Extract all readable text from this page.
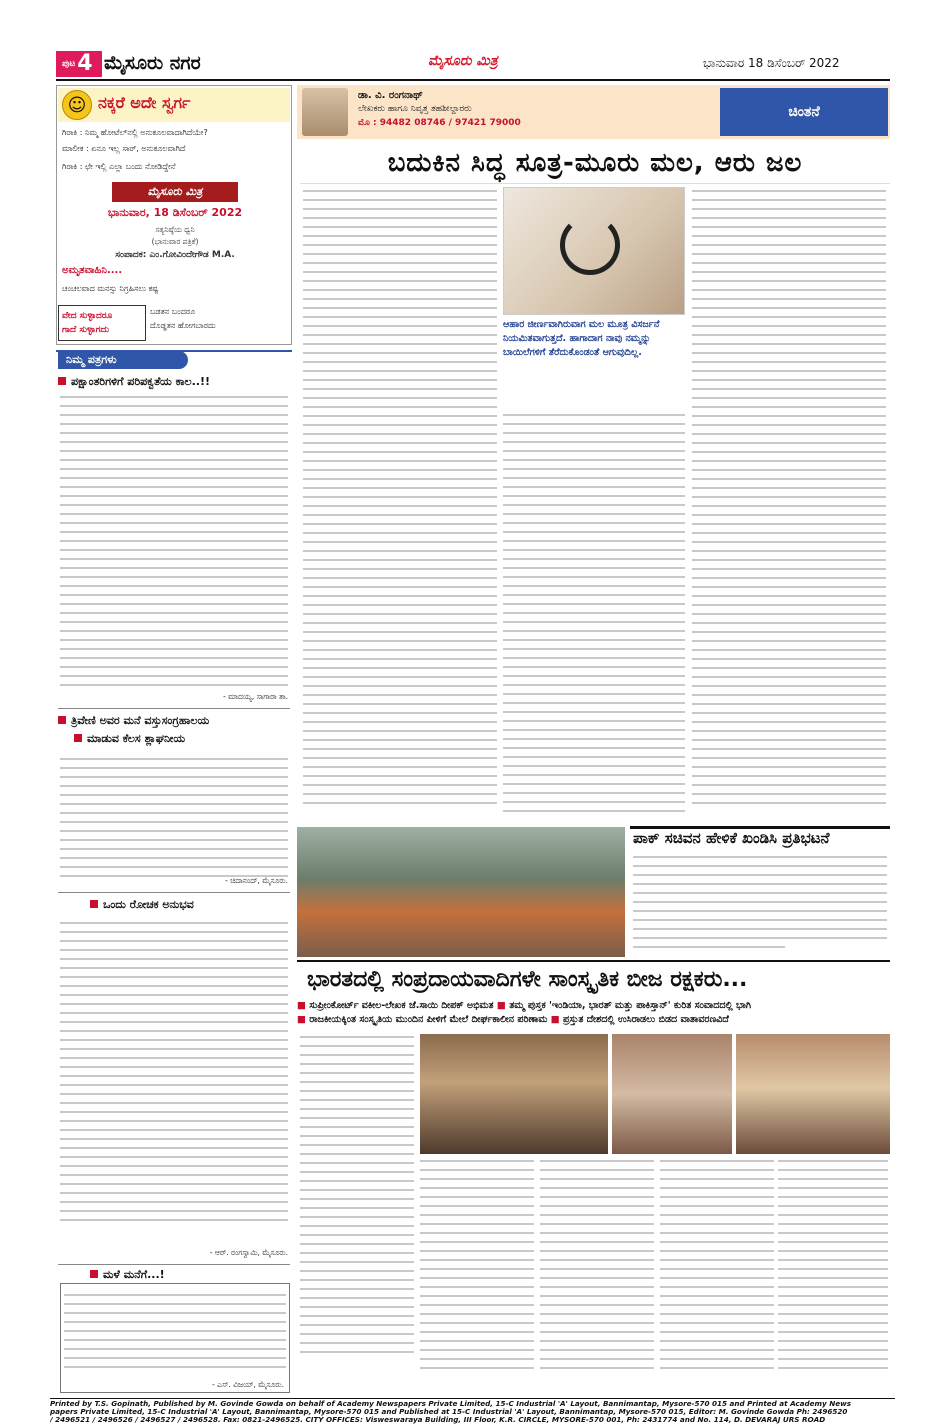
$^{ಪುಟ}$4 ಮೈಸೂರು ನಗರ	ಮೈಸೂರು ಮಿತ್ರ	ಭಾನುವಾರ 18 ಡಿಸೆಂಬರ್ 2022
☺ ನಕ್ಕರೆ ಅದೇ ಸ್ವರ್ಗ
ಗಿರಾಕಿ : ನಿಮ್ಮ ಹೋಟೆಲ್‌ನಲ್ಲಿ ಅನುಕೂಲವಾದಾಗಿದೆಯೇ?
ಮಾಲೀಕ : ಏನೂ ಇಲ್ಲ ಸಾರ್, ಅನುಕೂಲವಾಗಿದೆ
ಗಿರಾಕಿ : ಛೇ ಇಲ್ಲಿ ಎಲ್ಲಾ ಬಂದು ನೋಡಿದ್ದೇನೆ
ಮೈಸೂರು ಮಿತ್ರ
ಭಾನುವಾರ, 18 ಡಿಸೆಂಬರ್ 2022
ಸತ್ಯನಿಷ್ಠೆಯ ಧ್ವನಿ
(ಭಾನುವಾರ ಪತ್ರಿಕೆ)
ಸಂಪಾದಕ: ಎಂ.ಗೋವಿಂದೇಗೌಡ M.A.
ಅಮೃತವಾಹಿನಿ....
ಚಂಚಲವಾದ ಮನಸ್ಸು ನಿಗ್ರಹಿಸಲು ಕಷ್ಟ
ವೇದ ಸುಳ್ಳಾದರೂ
ಗಾದೆ ಸುಳ್ಳಾಗದು
ಬಡತನ ಬಂದರೂ
ದೊಡ್ಡತನ ಹೋಗಬಾರದು
ನಿಮ್ಮ ಪತ್ರಗಳು
ಪಕ್ಷಾಂತರಿಗಳಿಗೆ ಪರಿಪಕ್ವತೆಯ ಕಾಲ..!!
- ಮಾದಯ್ಯ, ಸಾಗಾರಾ ತಾ.
ತ್ರಿವೇಣಿ ಅವರ ಮನೆ ವಸ್ತುಸಂಗ್ರಹಾಲಯ
ಮಾಡುವ ಕೆಲಸ ಶ್ಲಾಘನೀಯ
- ಚಿದಾನಂದ್, ಮೈಸೂರು.
ಒಂದು ರೋಚಕ ಅನುಭವ
- ಆರ್. ರಂಗಸ್ವಾಮಿ, ಮೈಸೂರು.
ಮಳೆ ಮನೆಗೆ...!
- ಎಸ್. ವಿಜಯ್, ಮೈಸೂರು.
ಡಾ. ವಿ. ರಂಗನಾಥ್
ಲೇಖಕರು ಹಾಗೂ ನಿವೃತ್ತ ತಹಶೀಲ್ದಾರರು
ಮೊ : 94482 08746 / 97421 79000
ಚಿಂತನೆ
ಬದುಕಿನ ಸಿದ್ಧ ಸೂತ್ರ-ಮೂರು ಮಲ, ಆರು ಜಲ
ಆಹಾರ ಜೀರ್ಣವಾಗಿರುವಾಗ ಮಲ ಮೂತ್ರ ವಿಸರ್ಜನೆ ನಿಯಮಿತವಾಗುತ್ತದೆ. ಹಾಗಾದಾಗ ನಾವು ನಮ್ಮನ್ನು ಬಾಯಿಲೆಗಳಿಗೆ ತೆರೆದುಕೊಂಡಂತೆ ಆಗುವುದಿಲ್ಲ.
ಪಾಕ್ ಸಚಿವನ ಹೇಳಿಕೆ ಖಂಡಿಸಿ ಪ್ರತಿಭಟನೆ
ಭಾರತದಲ್ಲಿ ಸಂಪ್ರದಾಯವಾದಿಗಳೇ ಸಾಂಸ್ಕೃತಿಕ ಬೀಜ ರಕ್ಷಕರು...
■ ಸುಪ್ರೀಂಕೋರ್ಟ್ ವಕೀಲ-ಲೇಖಕ ಜೆ.ಸಾಯಿ ದೀಪಕ್ ಅಭಿಮತ ■ ತಮ್ಮ ಪುಸ್ತಕ 'ಇಂಡಿಯಾ, ಭಾರತ್ ಮತ್ತು ಪಾಕಿಸ್ತಾನ್' ಕುರಿತ ಸಂವಾದದಲ್ಲಿ ಭಾಗಿ
■ ರಾಜಕೀಯಕ್ಕಿಂತ ಸಂಸ್ಕೃತಿಯ ಮುಂದಿನ ಪೀಳಿಗೆ ಮೇಲೆ ದೀರ್ಘಕಾಲೀನ ಪರಿಣಾಮ ■ ಪ್ರಸ್ತುತ ದೇಶದಲ್ಲಿ ಉಸಿರಾಡಲು ಬಿಡದ ವಾತಾವರಣವಿದೆ
Printed by T.S. Gopinath, Published by M. Govinde Gowda on behalf of Academy Newspapers Private Limited, 15-C Industrial 'A' Layout, Bannimantap, Mysore-570 015 and Printed at Academy News
papers Private Limited, 15-C Industrial 'A' Layout, Bannimantap, Mysore-570 015 and Published at 15-C Industrial 'A' Layout, Bannimantap, Mysore-570 015, Editor: M. Govinde Gowda Ph: 2496520
/ 2496521 / 2496526 / 2496527 / 2496528. Fax: 0821-2496525. CITY OFFICES: Visweswaraya Building, III Floor, K.R. CIRCLE, MYSORE-570 001, Ph: 2431774 and No. 114, D. DEVARAJ URS ROAD
